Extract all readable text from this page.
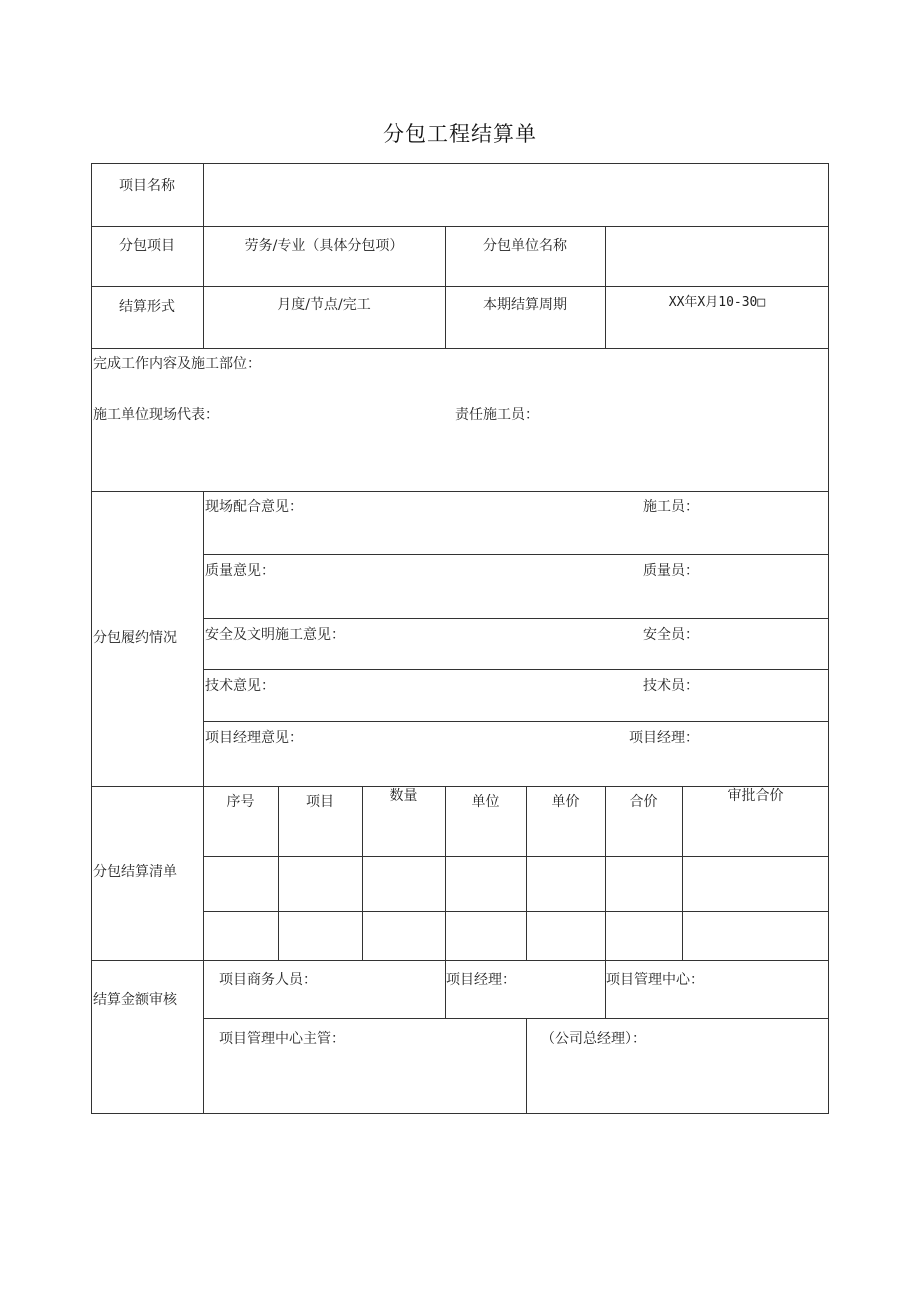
分包工程结算单
项目名称
分包项目	劳务/专业（具体分包项）	分包单位名称
结算形式	月度/节点/完工	本期结算周期	XX年X月10-30□
完成工作内容及施工部位：
施工单位现场代表：	责任施工员：
分包履约情况
现场配合意见：	施工员：
质量意见：	质量员：
安全及文明施工意见：	安全员：
技术意见：	技术员：
项目经理意见：	项目经理：
分包结算清单
序号	项目	数量	单位	单价	合价	审批合价
结算金额审核
项目商务人员：	项目经理：	项目管理中心：
项目管理中心主管：	（公司总经理）：
